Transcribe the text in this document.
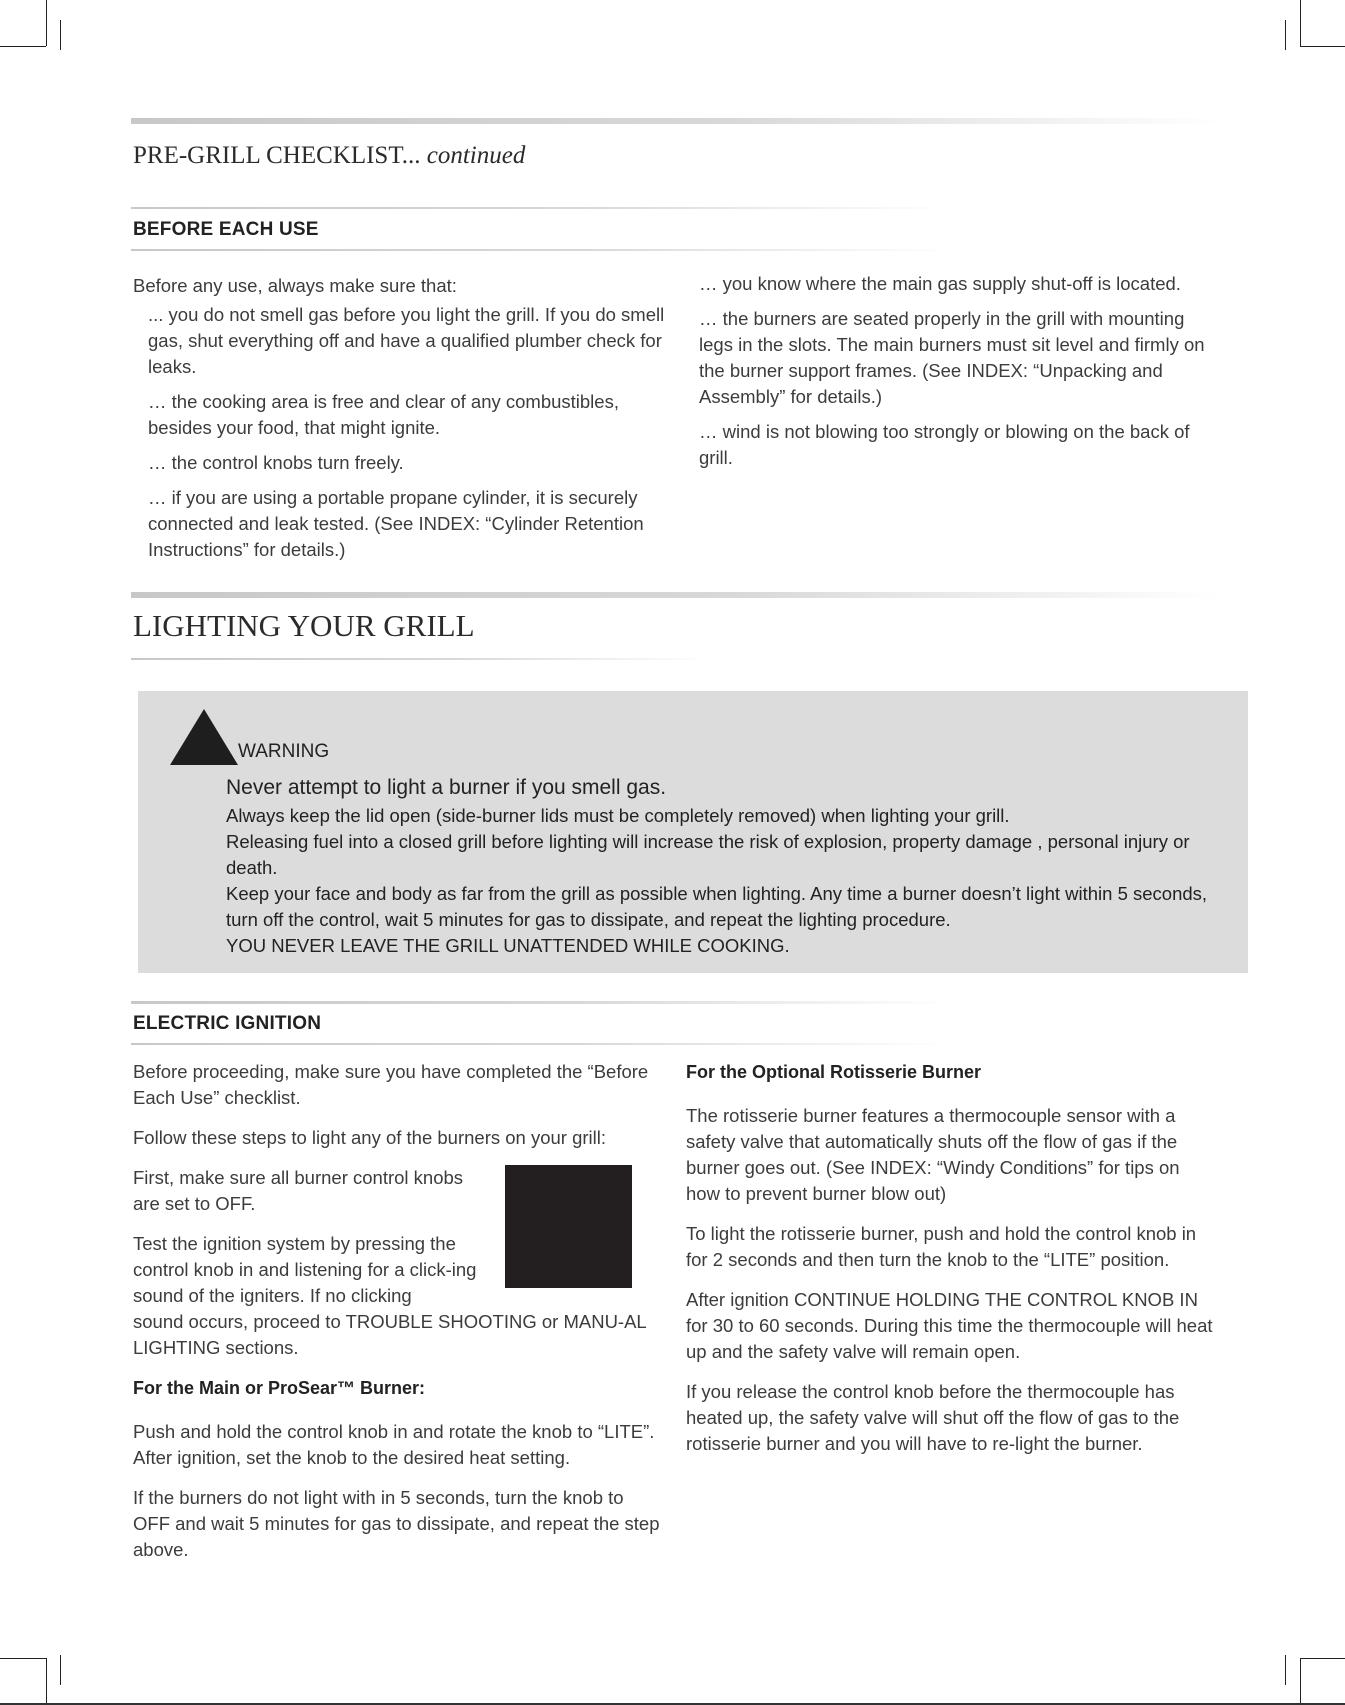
PRE-GRILL CHECKLIST... continued
BEFORE EACH USE

Before any use, always make sure that:

... you do not smell gas before you light the grill. If you do smell gas, shut everything off and have a qualified plumber check for leaks.

… the cooking area is free and clear of any combustibles, besides your food, that might ignite.

… the control knobs turn freely.

… if you are using a portable propane cylinder, it is securely connected and leak tested. (See INDEX: “Cylinder Retention Instructions” for details.)

… you know where the main gas supply shut-off is located.

… the burners are seated properly in the grill with mounting legs in the slots. The main burners must sit level and firmly on the burner support frames. (See INDEX: “Unpacking and Assembly” for details.)

… wind is not blowing too strongly or blowing on the back of grill.

LIGHTING YOUR GRILL
WARNING
Never attempt to light a burner if you smell gas.
Always keep the lid open (side-burner lids must be completely removed) when lighting your grill.
Releasing fuel into a closed grill before lighting will increase the risk of explosion, property damage , personal injury or death.
Keep your face and body as far from the grill as possible when lighting. Any time a burner doesn’t light within 5 seconds, turn off the control, wait 5 minutes for gas to dissipate, and repeat the lighting procedure.
YOU NEVER LEAVE THE GRILL UNATTENDED WHILE COOKING.
ELECTRIC IGNITION

Before proceeding, make sure you have completed the “Before Each Use” checklist.

Follow these steps to light any of the burners on your grill:

First, make sure all burner control knobs are set to OFF.

Test the ignition system by pressing the control knob in and listening for a click-ing sound of the igniters. If no clicking

sound occurs, proceed to TROUBLE SHOOTING or MANU-AL LIGHTING sections.

For the Main or ProSear™ Burner:

Push and hold the control knob in and rotate the knob to “LITE”. After ignition, set the knob to the desired heat setting.

If the burners do not light with in 5 seconds, turn the knob to OFF and wait 5 minutes for gas to dissipate, and repeat the step above.

For the Optional Rotisserie Burner

The rotisserie burner features a thermocouple sensor with a safety valve that automatically shuts off the flow of gas if the burner goes out. (See INDEX: “Windy Conditions” for tips on how to prevent burner blow out)

To light the rotisserie burner, push and hold the control knob in for 2 seconds and then turn the knob to the “LITE” position.

After ignition CONTINUE HOLDING THE CONTROL KNOB IN for 30 to 60 seconds. During this time the thermocouple will heat up and the safety valve will remain open.

If you release the control knob before the thermocouple has heated up, the safety valve will shut off the flow of gas to the rotisserie burner and you will have to re-light the burner.
